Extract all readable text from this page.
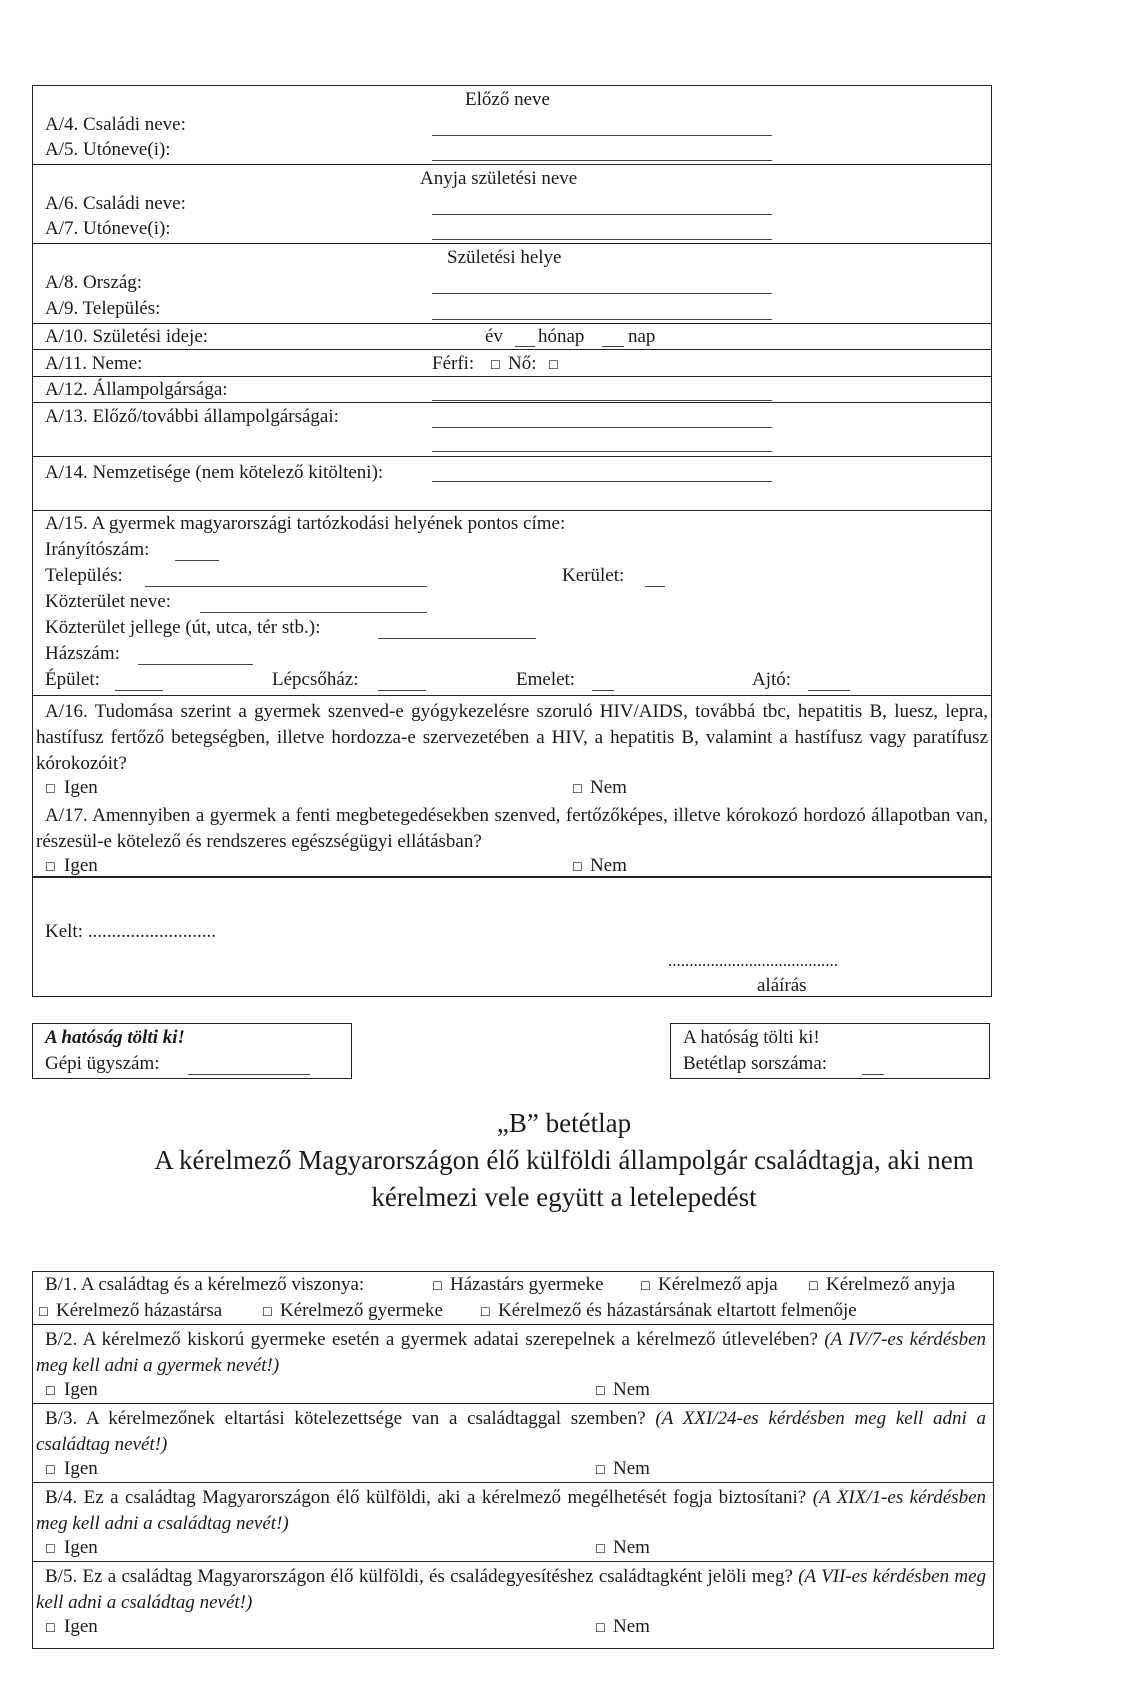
Előző neve
A/4. Családi neve:
A/5. Utóneve(i):
Anyja születési neve
A/6. Családi neve:
A/7. Utóneve(i):
Születési helye
A/8. Ország:
A/9. Település:
A/10. Születési ideje:	év hónap nap
A/11. Neme:	Férfi: ☐ Nő: ☐
A/12. Állampolgársága:
A/13. Előző/további állampolgárságai:
A/14. Nemzetisége (nem kötelező kitölteni):
A/15. A gyermek magyarországi tartózkodási helyének pontos címe:
Irányítószám:
Település:	Kerület:
Közterület neve:
Közterület jellege (út, utca, tér stb.):
Házszám:
Épület:	Lépcsőház:	Emelet:	Ajtó:
A/16. Tudomása szerint a gyermek szenved-e gyógykezelésre szoruló HIV/AIDS, továbbá tbc, hepatitis B, luesz, lepra, hastífusz fertőző betegségben, illetve hordozza-e szervezetében a HIV, a hepatitis B, valamint a hastífusz vagy paratífusz kórokozóit?
☐ Igen	☐ Nem
A/17. Amennyiben a gyermek a fenti megbetegedésekben szenved, fertőzőképes, illetve kórokozó hordozó állapotban van, részesül-e kötelező és rendszeres egészségügyi ellátásban?
☐ Igen	☐ Nem
Kelt: ...........................
........................................
aláírás
A hatóság tölti ki!
Gépi ügyszám:
A hatóság tölti ki!
Betétlap sorszáma:
„B” betétlap
A kérelmező Magyarországon élő külföldi állampolgár családtagja, aki nem
kérelmezi vele együtt a letelepedést
B/1. A családtag és a kérelmező viszonya:	☐ Házastárs gyermeke	☐ Kérelmező apja	☐ Kérelmező anyja
☐ Kérelmező házastársa	☐ Kérelmező gyermeke	☐ Kérelmező és házastársának eltartott felmenője
B/2. A kérelmező kiskorú gyermeke esetén a gyermek adatai szerepelnek a kérelmező útlevelében? (A IV/7-es kérdésben meg kell adni a gyermek nevét!)
☐ Igen	☐ Nem
B/3. A kérelmezőnek eltartási kötelezettsége van a családtaggal szemben? (A XXI/24-es kérdésben meg kell adni a családtag nevét!)
☐ Igen	☐ Nem
B/4. Ez a családtag Magyarországon élő külföldi, aki a kérelmező megélhetését fogja biztosítani? (A XIX/1-es kérdésben meg kell adni a családtag nevét!)
☐ Igen	☐ Nem
B/5. Ez a családtag Magyarországon élő külföldi, és családegyesítéshez családtagként jelöli meg? (A VII-es kérdésben meg kell adni a családtag nevét!)
☐ Igen	☐ Nem
